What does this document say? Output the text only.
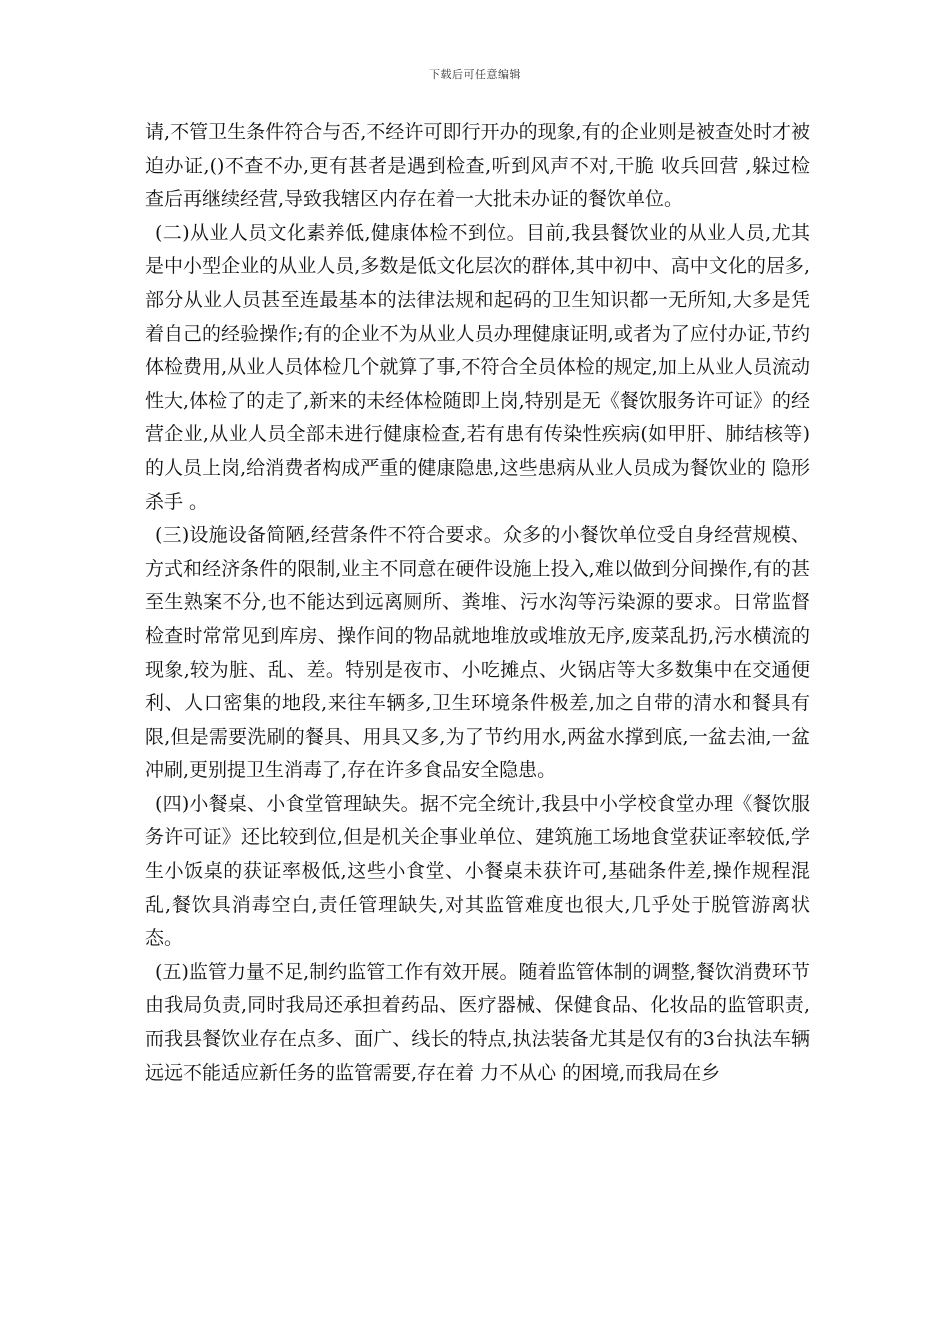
下载后可任意编辑

请,不管卫生条件符合与否,不经许可即行开办的现象,有的企业则是被查处时才被迫办证,()不查不办,更有甚者是遇到检查,听到风声不对,干脆 收兵回营 ,躲过检查后再继续经营,导致我辖区内存在着一大批未办证的餐饮单位。

(二)从业人员文化素养低,健康体检不到位。目前,我县餐饮业的从业人员,尤其是中小型企业的从业人员,多数是低文化层次的群体,其中初中、高中文化的居多,部分从业人员甚至连最基本的法律法规和起码的卫生知识都一无所知,大多是凭着自己的经验操作;有的企业不为从业人员办理健康证明,或者为了应付办证,节约体检费用,从业人员体检几个就算了事,不符合全员体检的规定,加上从业人员流动性大,体检了的走了,新来的未经体检随即上岗,特别是无《餐饮服务许可证》的经营企业,从业人员全部未进行健康检查,若有患有传染性疾病(如甲肝、肺结核等)的人员上岗,给消费者构成严重的健康隐患,这些患病从业人员成为餐饮业的 隐形杀手 。

(三)设施设备简陋,经营条件不符合要求。众多的小餐饮单位受自身经营规模、方式和经济条件的限制,业主不同意在硬件设施上投入,难以做到分间操作,有的甚至生熟案不分,也不能达到远离厕所、粪堆、污水沟等污染源的要求。日常监督检查时常常见到库房、操作间的物品就地堆放或堆放无序,废菜乱扔,污水横流的现象,较为脏、乱、差。特别是夜市、小吃摊点、火锅店等大多数集中在交通便利、人口密集的地段,来往车辆多,卫生环境条件极差,加之自带的清水和餐具有限,但是需要洗刷的餐具、用具又多,为了节约用水,两盆水撑到底,一盆去油,一盆冲刷,更别提卫生消毒了,存在许多食品安全隐患。

(四)小餐桌、小食堂管理缺失。据不完全统计,我县中小学校食堂办理《餐饮服务许可证》还比较到位,但是机关企事业单位、建筑施工场地食堂获证率较低,学生小饭桌的获证率极低,这些小食堂、小餐桌未获许可,基础条件差,操作规程混乱,餐饮具消毒空白,责任管理缺失,对其监管难度也很大,几乎处于脱管游离状态。

(五)监管力量不足,制约监管工作有效开展。随着监管体制的调整,餐饮消费环节由我局负责,同时我局还承担着药品、医疗器械、保健食品、化妆品的监管职责,而我县餐饮业存在点多、面广、线长的特点,执法装备尤其是仅有的3台执法车辆远远不能适应新任务的监管需要,存在着 力不从心 的困境,而我局在乡
